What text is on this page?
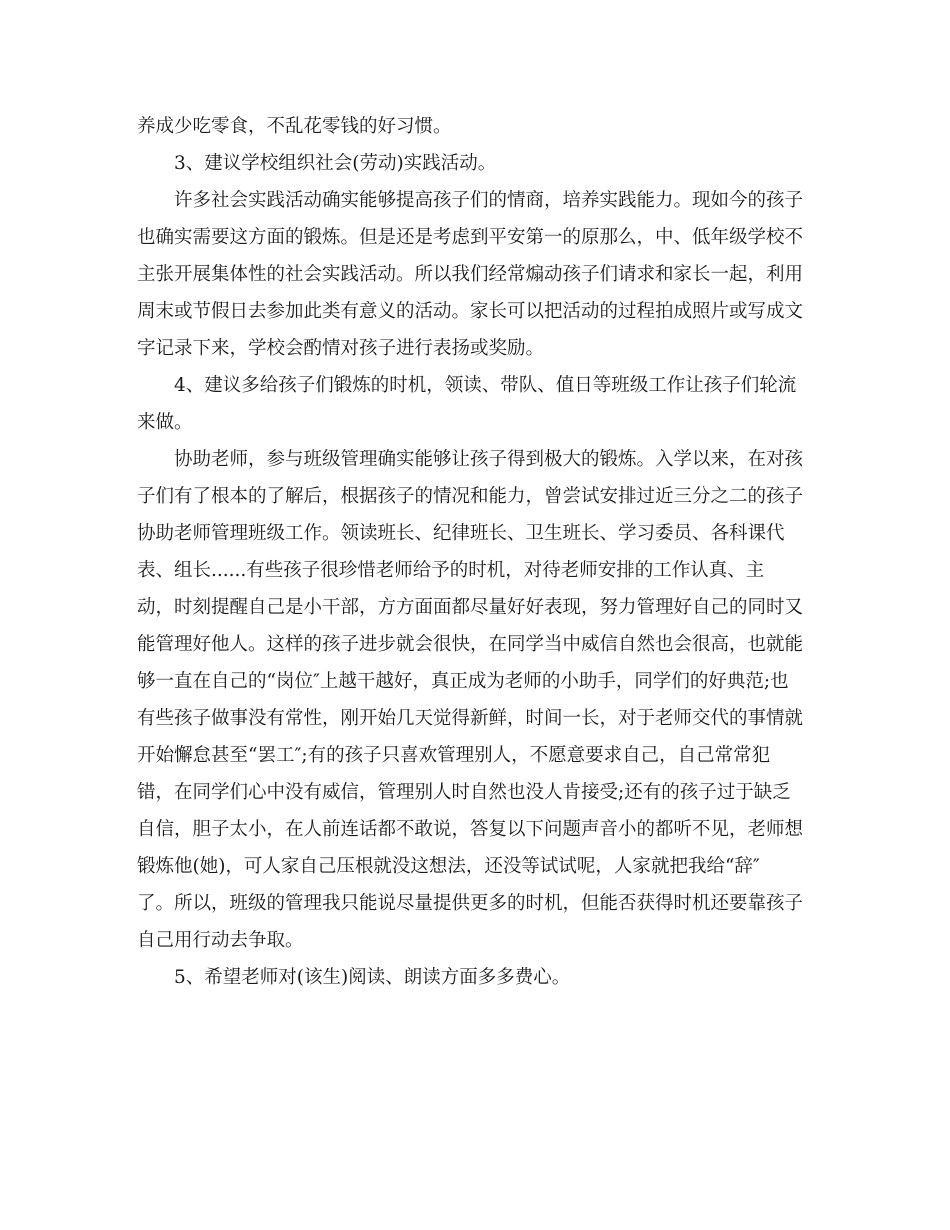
养成少吃零食，不乱花零钱的好习惯。
3、建议学校组织社会(劳动)实践活动。
许多社会实践活动确实能够提高孩子们的情商，培养实践能力。现如今的孩子
也确实需要这方面的锻炼。但是还是考虑到平安第一的原那么，中、低年级学校不
主张开展集体性的社会实践活动。所以我们经常煽动孩子们请求和家长一起，利用
周末或节假日去参加此类有意义的活动。家长可以把活动的过程拍成照片或写成文
字记录下来，学校会酌情对孩子进行表扬或奖励。
4、建议多给孩子们锻炼的时机，领读、带队、值日等班级工作让孩子们轮流
来做。
协助老师，参与班级管理确实能够让孩子得到极大的锻炼。入学以来，在对孩
子们有了根本的了解后，根据孩子的情况和能力，曾尝试安排过近三分之二的孩子
协助老师管理班级工作。领读班长、纪律班长、卫生班长、学习委员、各科课代
表、组长......有些孩子很珍惜老师给予的时机，对待老师安排的工作认真、主
动，时刻提醒自己是小干部，方方面面都尽量好好表现，努力管理好自己的同时又
能管理好他人。这样的孩子进步就会很快，在同学当中威信自然也会很高，也就能
够一直在自己的“岗位″上越干越好，真正成为老师的小助手，同学们的好典范;也
有些孩子做事没有常性，刚开始几天觉得新鲜，时间一长，对于老师交代的事情就
开始懈怠甚至“罢工″;有的孩子只喜欢管理别人，不愿意要求自己，自己常常犯
错，在同学们心中没有威信，管理别人时自然也没人肯接受;还有的孩子过于缺乏
自信，胆子太小，在人前连话都不敢说，答复以下问题声音小的都听不见，老师想
锻炼他(她)，可人家自己压根就没这想法，还没等试试呢，人家就把我给“辞″
了。所以，班级的管理我只能说尽量提供更多的时机，但能否获得时机还要靠孩子
自己用行动去争取。
5、希望老师对(该生)阅读、朗读方面多多费心。
